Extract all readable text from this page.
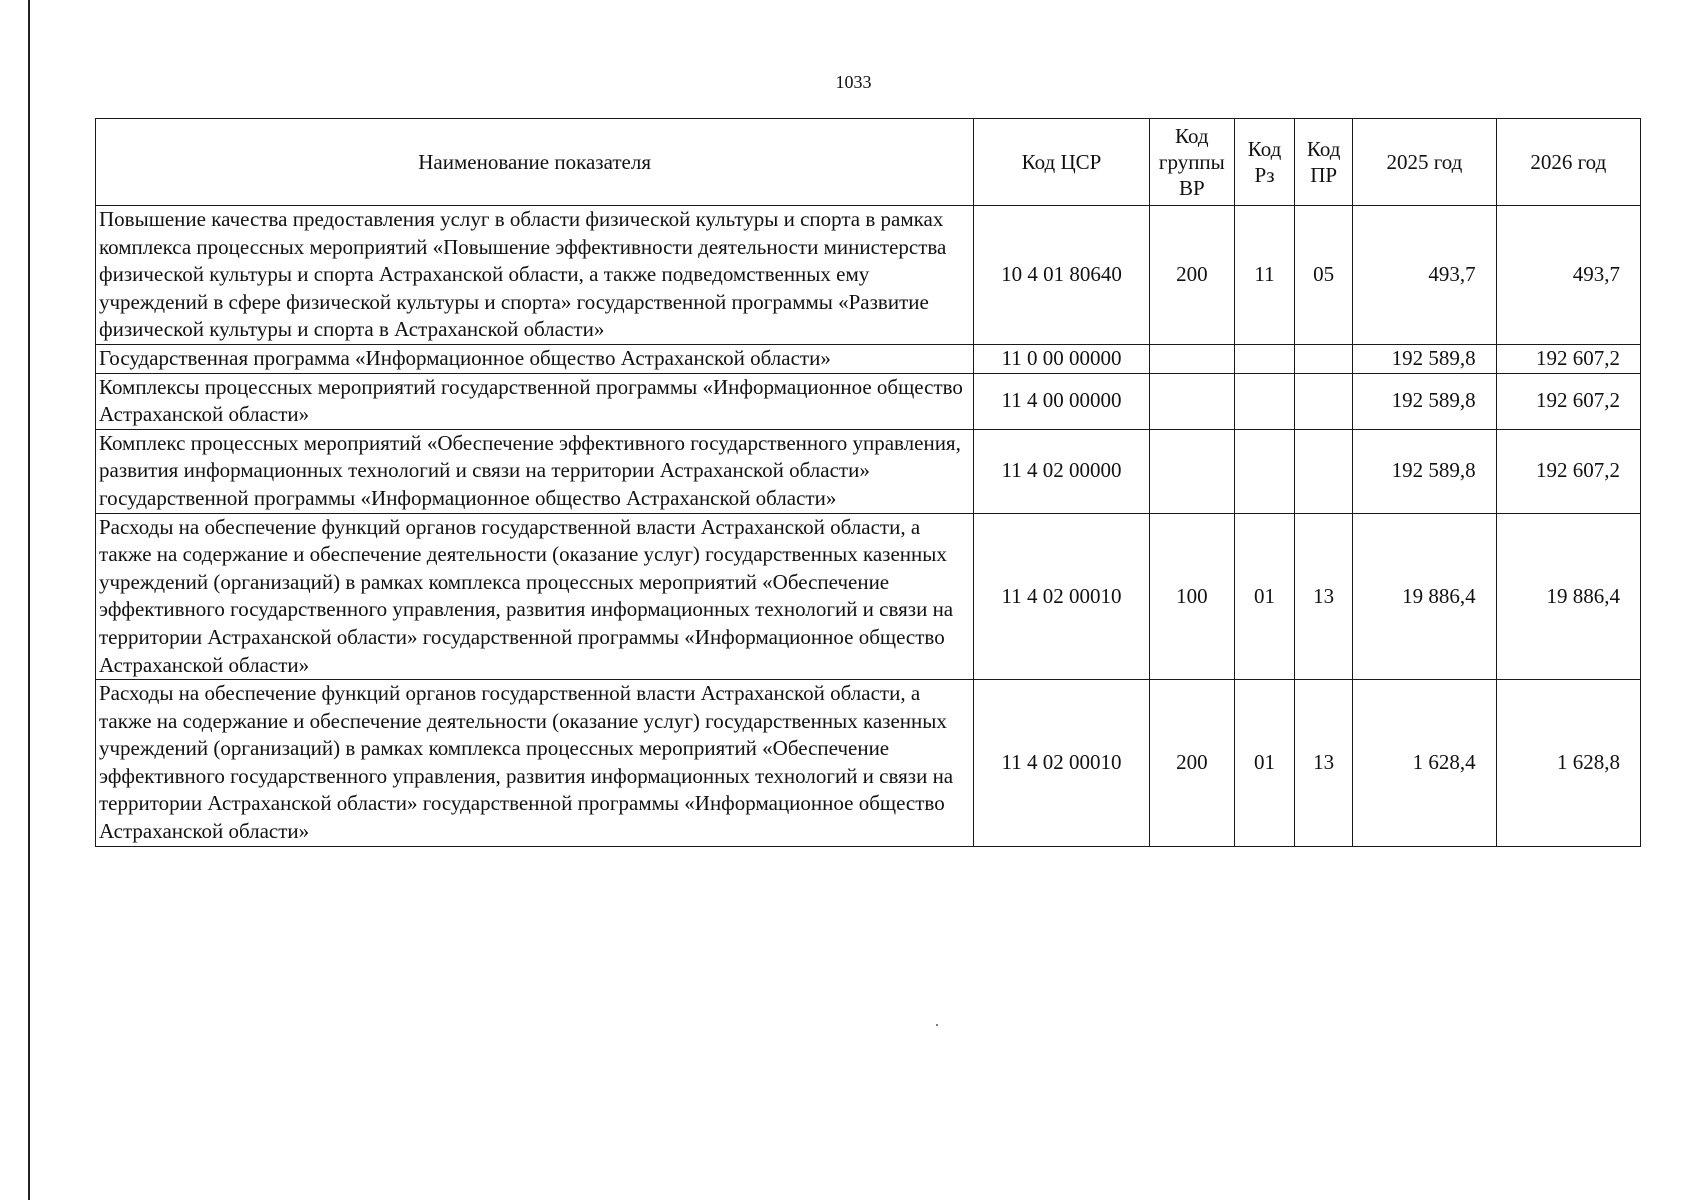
1033
Наименование показателя	Код ЦСР	Код группы ВР	Код Рз	Код ПР	2025 год	2026 год
Повышение качества предоставления услуг в области физической культуры и спорта в рамках комплекса процессных мероприятий «Повышение эффективности деятельности министерства физической культуры и спорта Астраханской области, а также подведомственных ему учреждений в сфере физической культуры и спорта» государственной программы «Развитие физической культуры и спорта в Астраханской области»	10 4 01 80640	200	11	05	493,7	493,7
Государственная программа «Информационное общество Астраханской области»	11 0 00 00000				192 589,8	192 607,2
Комплексы процессных мероприятий государственной программы «Информационное общество Астраханской области»	11 4 00 00000				192 589,8	192 607,2
Комплекс процессных мероприятий «Обеспечение эффективного государственного управления, развития информационных технологий и связи на территории Астраханской области» государственной программы «Информационное общество Астраханской области»	11 4 02 00000				192 589,8	192 607,2
Расходы на обеспечение функций органов государственной власти Астраханской области, а также на содержание и обеспечение деятельности (оказание услуг) государственных казенных учреждений (организаций) в рамках комплекса процессных мероприятий «Обеспечение эффективного государственного управления, развития информационных технологий и связи на территории Астраханской области» государственной программы «Информационное общество Астраханской области»	11 4 02 00010	100	01	13	19 886,4	19 886,4
Расходы на обеспечение функций органов государственной власти Астраханской области, а также на содержание и обеспечение деятельности (оказание услуг) государственных казенных учреждений (организаций) в рамках комплекса процессных мероприятий «Обеспечение эффективного государственного управления, развития информационных технологий и связи на территории Астраханской области» государственной программы «Информационное общество Астраханской области»	11 4 02 00010	200	01	13	1 628,4	1 628,8
